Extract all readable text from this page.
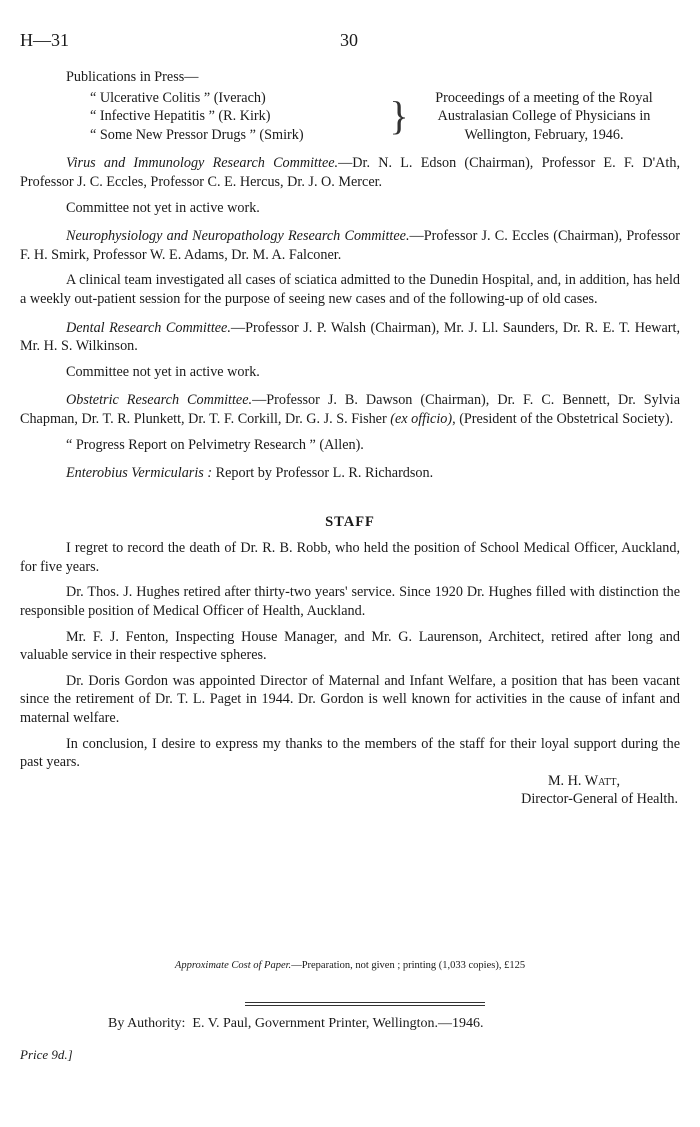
H—31	30

Publications in Press—

“ Ulcerative Colitis ” (Iverach)
“ Infective Hepatitis ” (R. Kirk)
“ Some New Pressor Drugs ” (Smirk)	}	Proceedings of a meeting of the Royal
Australasian College of Physicians in
Wellington, February, 1946.

Virus and Immunology Research Committee.—Dr. N. L. Edson (Chairman), Professor E. F. D'Ath, Professor J. C. Eccles, Professor C. E. Hercus, Dr. J. O. Mercer.

Committee not yet in active work.

Neurophysiology and Neuropathology Research Committee.—Professor J. C. Eccles (Chairman), Professor F. H. Smirk, Professor W. E. Adams, Dr. M. A. Falconer.

A clinical team investigated all cases of sciatica admitted to the Dunedin Hospital, and, in addition, has held a weekly out-patient session for the purpose of seeing new cases and of the following-up of old cases.

Dental Research Committee.—Professor J. P. Walsh (Chairman), Mr. J. Ll. Saunders, Dr. R. E. T. Hewart, Mr. H. S. Wilkinson.

Committee not yet in active work.

Obstetric Research Committee.—Professor J. B. Dawson (Chairman), Dr. F. C. Bennett, Dr. Sylvia Chapman, Dr. T. R. Plunkett, Dr. T. F. Corkill, Dr. G. J. S. Fisher (ex officio), (President of the Obstetrical Society).

“ Progress Report on Pelvimetry Research ” (Allen).

Enterobius Vermicularis : Report by Professor L. R. Richardson.

STAFF

I regret to record the death of Dr. R. B. Robb, who held the position of School Medical Officer, Auckland, for five years.

Dr. Thos. J. Hughes retired after thirty-two years' service. Since 1920 Dr. Hughes filled with distinction the responsible position of Medical Officer of Health, Auckland.

Mr. F. J. Fenton, Inspecting House Manager, and Mr. G. Laurenson, Architect, retired after long and valuable service in their respective spheres.

Dr. Doris Gordon was appointed Director of Maternal and Infant Welfare, a position that has been vacant since the retirement of Dr. T. L. Paget in 1944. Dr. Gordon is well known for activities in the cause of infant and maternal welfare.

In conclusion, I desire to express my thanks to the members of the staff for their loyal support during the past years.

M. H. Watt,

Director-General of Health.

Approximate Cost of Paper.—Preparation, not given ; printing (1,033 copies), £125
By Authority: E. V. Paul, Government Printer, Wellington.—1946.
Price 9d.]
